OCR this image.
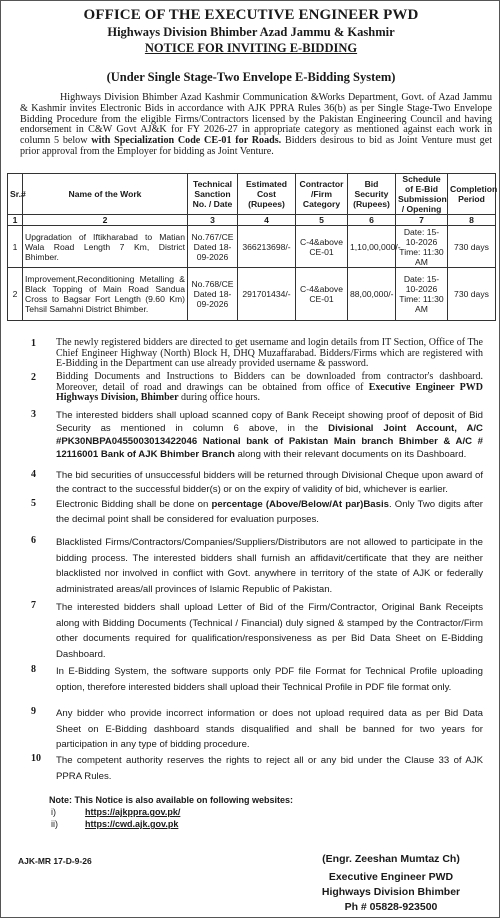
OFFICE OF THE EXECUTIVE ENGINEER PWD
Highways Division Bhimber Azad Jammu & Kashmir
NOTICE FOR INVITING E-BIDDING
(Under Single Stage-Two Envelope E-Bidding System)
Highways Division Bhimber Azad Kashmir Communication &Works Department, Govt. of Azad Jammu & Kashmir invites Electronic Bids in accordance with AJK PPRA Rules 36(b) as per Single Stage-Two Envelope Bidding Procedure from the eligible Firms/Contractors licensed by the Pakistan Engineering Council and having endorsement in C&W Govt AJ&K for FY 2026-27 in appropriate category as mentioned against each work in column 5 below with Specialization Code CE-01 for Roads. Bidders desirous to bid as Joint Venture must get prior approval from the Employer for bidding as Joint Venture.
Sr.#	Name of the Work	Technical Sanction No. / Date	Estimated Cost (Rupees)	Contractor /Firm Category	Bid Security (Rupees)	Schedule of E-Bid Submission / Opening	Completion Period
1	2	3	4	5	6	7	8
1	Upgradation of Iftikharabad to Matian Wala Road Length 7 Km, District Bhimber.	No.767/CE Dated 18-09-2026	366213698/-	C-4&above CE-01	1,10,00,000/-	Date: 15-10-2026 Time: 11:30 AM	730 days
2	Improvement,Reconditioning Metalling & Black Topping of Main Road Sandua Cross to Bagsar Fort Length (9.60 Km) Tehsil Samahni District Bhimber.	No.768/CE Dated 18-09-2026	291701434/-	C-4&above CE-01	88,00,000/-	Date: 15-10-2026 Time: 11:30 AM	730 days
1 The newly registered bidders are directed to get username and login details from IT Section, Office of The Chief Engineer Highway (North) Block H, DHQ Muzaffarabad. Bidders/Firms which are registered with E-Bidding in the Department can use already provided username & password.
2 Bidding Documents and Instructions to Bidders can be downloaded from contractor's dashboard. Moreover, detail of road and drawings can be obtained from office of Executive Engineer PWD Highways Division, Bhimber during office hours.
3 The interested bidders shall upload scanned copy of Bank Receipt showing proof of deposit of Bid Security as mentioned in column 6 above, in the Divisional Joint Account, A/C #PK30NBPA0455003013422046 National bank of Pakistan Main branch Bhimber & A/C # 12116001 Bank of AJK Bhimber Branch along with their relevant documents on its Dashboard.
4 The bid securities of unsuccessful bidders will be returned through Divisional Cheque upon award of the contract to the successful bidder(s) or on the expiry of validity of bid, whichever is earlier.
5 Electronic Bidding shall be done on percentage (Above/Below/At par)Basis. Only Two digits after the decimal point shall be considered for evaluation purposes.
6 Blacklisted Firms/Contractors/Companies/Suppliers/Distributors are not allowed to participate in the bidding process. The interested bidders shall furnish an affidavit/certificate that they are neither blacklisted nor involved in conflict with Govt. anywhere in territory of the state of AJK or federally administrated areas/all provinces of Islamic Republic of Pakistan.
7 The interested bidders shall upload Letter of Bid of the Firm/Contractor, Original Bank Receipts along with Bidding Documents (Technical / Financial) duly signed & stamped by the Contractor/Firm other documents required for qualification/responsiveness as per Bid Data Sheet on E-Bidding Dashboard.
8 In E-Bidding System, the software supports only PDF file Format for Technical Profile uploading option, therefore interested bidders shall upload their Technical Profile in PDF file format only.
9 Any bidder who provide incorrect information or does not upload required data as per Bid Data Sheet on E-Bidding dashboard stands disqualified and shall be banned for two years for participation in any type of bidding procedure.
10 The competent authority reserves the rights to reject all or any bid under the Clause 33 of AJK PPRA Rules.
Note: This Notice is also available on following websites:
i)	https://ajkppra.gov.pk/
ii)	https://cwd.ajk.gov.pk
AJK-MR 17-D-9-26	(Engr. Zeeshan Mumtaz Ch)
Executive Engineer PWD
Highways Division Bhimber
Ph # 05828-923500
